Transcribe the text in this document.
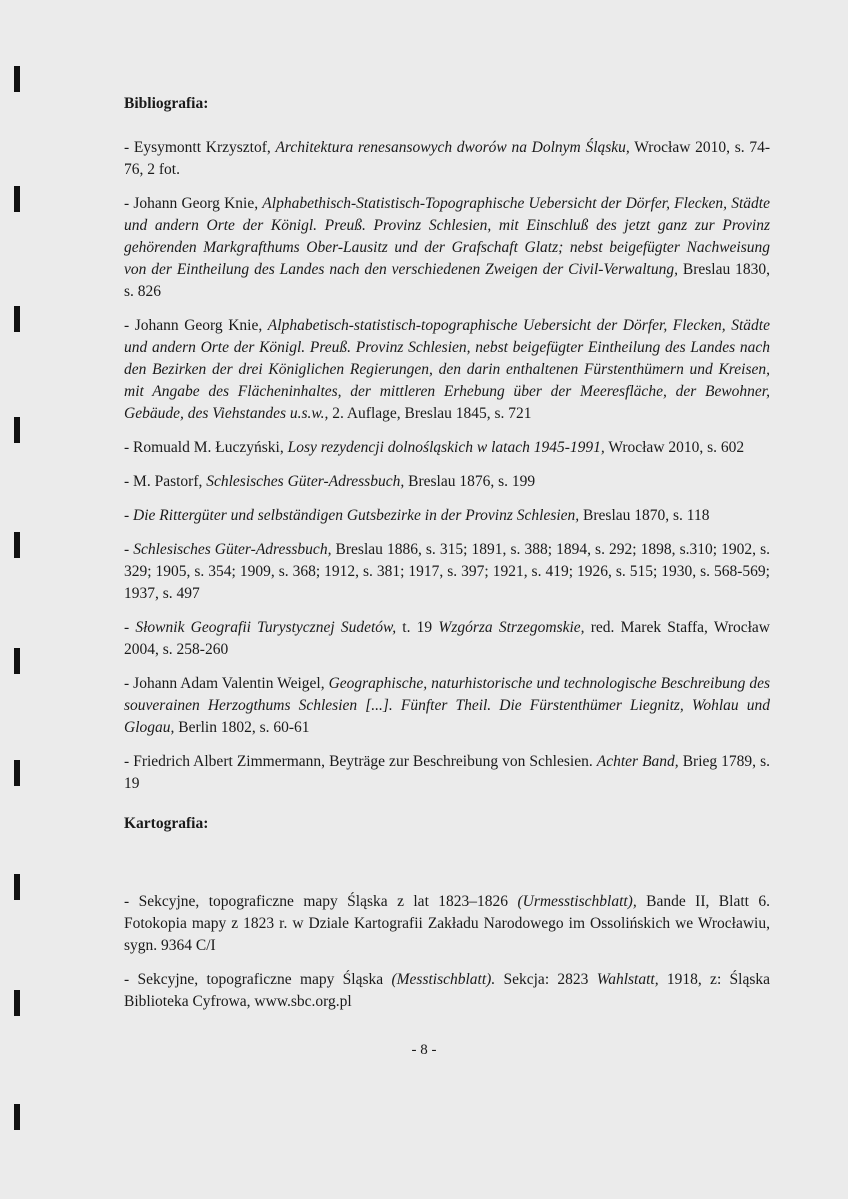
Bibliografia:
- Eysymontt Krzysztof, Architektura renesansowych dworów na Dolnym Śląsku, Wrocław 2010, s. 74-76, 2 fot.
- Johann Georg Knie, Alphabethisch-Statistisch-Topographische Uebersicht der Dörfer, Flecken, Städte und andern Orte der Königl. Preuß. Provinz Schlesien, mit Einschluß des jetzt ganz zur Provinz gehörenden Markgrafthums Ober-Lausitz und der Grafschaft Glatz; nebst beigefügter Nachweisung von der Eintheilung des Landes nach den verschiedenen Zweigen der Civil-Verwaltung, Breslau 1830, s. 826
- Johann Georg Knie, Alphabetisch-statistisch-topographische Uebersicht der Dörfer, Flecken, Städte und andern Orte der Königl. Preuß. Provinz Schlesien, nebst beigefügter Eintheilung des Landes nach den Bezirken der drei Königlichen Regierungen, den darin enthaltenen Fürstenthümern und Kreisen, mit Angabe des Flächeninhaltes, der mittleren Erhebung über der Meeresfläche, der Bewohner, Gebäude, des Viehstandes u.s.w., 2. Auflage, Breslau 1845, s. 721
- Romuald M. Łuczyński, Losy rezydencji dolnośląskich w latach 1945-1991, Wrocław 2010, s. 602
- M. Pastorf, Schlesisches Güter-Adressbuch, Breslau 1876, s. 199
- Die Rittergüter und selbständigen Gutsbezirke in der Provinz Schlesien, Breslau 1870, s. 118
- Schlesisches Güter-Adressbuch, Breslau 1886, s. 315; 1891, s. 388; 1894, s. 292; 1898, s.310; 1902, s. 329; 1905, s. 354; 1909, s. 368; 1912, s. 381; 1917, s. 397; 1921, s. 419; 1926, s. 515; 1930, s. 568-569; 1937, s. 497
- Słownik Geografii Turystycznej Sudetów, t. 19 Wzgórza Strzegomskie, red. Marek Staffa, Wrocław 2004, s. 258-260
- Johann Adam Valentin Weigel, Geographische, naturhistorische und technologische Beschreibung des souverainen Herzogthums Schlesien [...]. Fünfter Theil. Die Fürstenthümer Liegnitz, Wohlau und Glogau, Berlin 1802, s. 60-61
- Friedrich Albert Zimmermann, Beyträge zur Beschreibung von Schlesien. Achter Band, Brieg 1789, s. 19
Kartografia:
- Sekcyjne, topograficzne mapy Śląska z lat 1823–1826 (Urmesstischblatt), Bande II, Blatt 6. Fotokopia mapy z 1823 r. w Dziale Kartografii Zakładu Narodowego im Ossolińskich we Wrocławiu, sygn. 9364 C/I
- Sekcyjne, topograficzne mapy Śląska (Messtischblatt). Sekcja: 2823 Wahlstatt, 1918, z: Śląska Biblioteka Cyfrowa, www.sbc.org.pl
- 8 -
